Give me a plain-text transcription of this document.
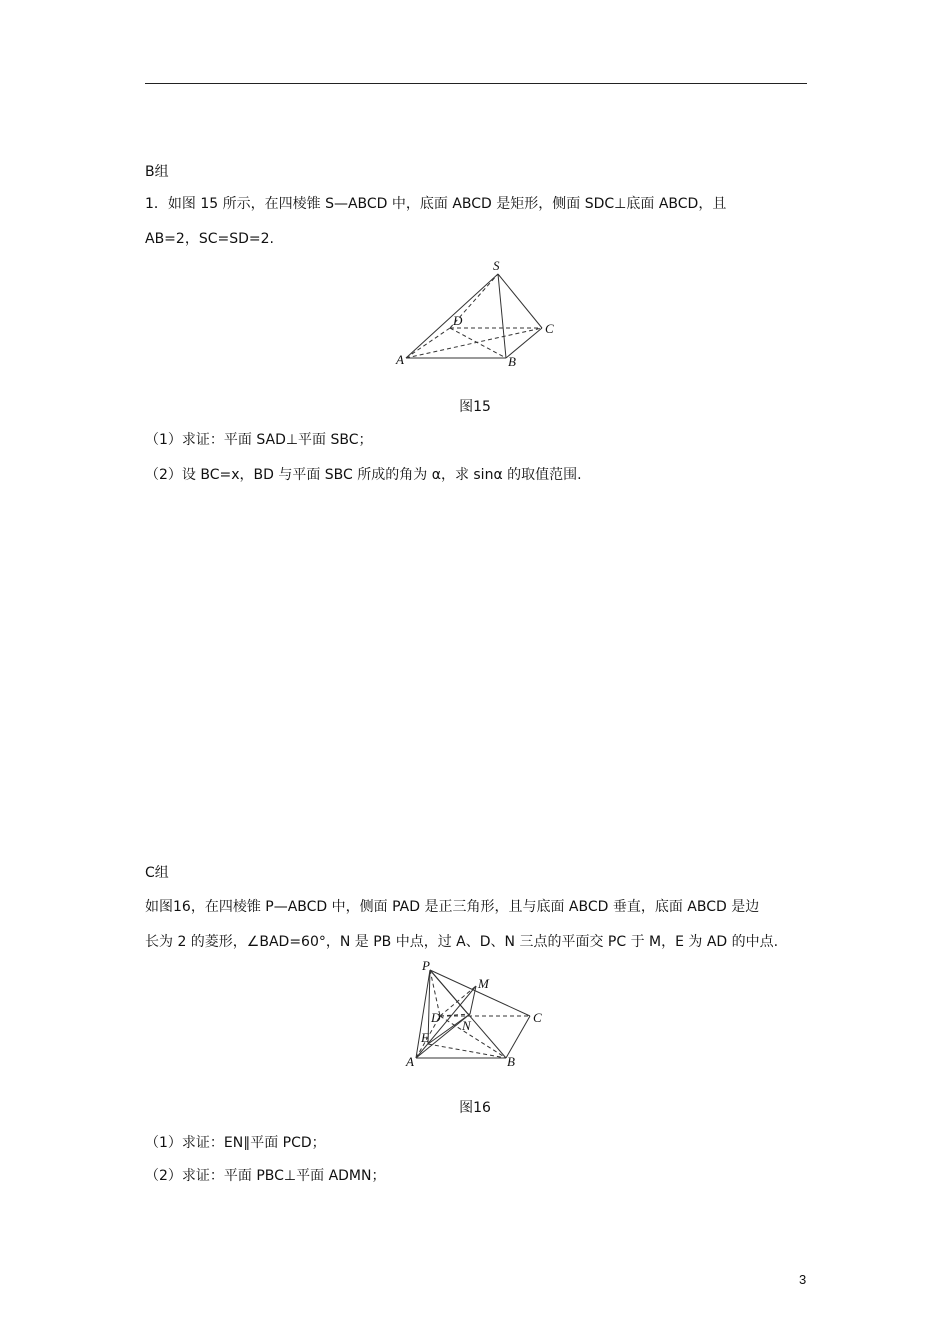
B组
1．如图 15 所示，在四棱锥 S—ABCD 中，底面 ABCD 是矩形，侧面 SDC⊥底面 ABCD，且
AB=2，SC=SD=2.
S
D
C
A	B
图15
（1）求证：平面 SAD⊥平面 SBC；
（2）设 BC=x，BD 与平面 SBC 所成的角为 α，求 sinα 的取值范围.
C组
如图16，在四棱锥 P—ABCD 中，侧面 PAD 是正三角形，且与底面 ABCD 垂直，底面 ABCD 是边
长为 2 的菱形，∠BAD=60°，N 是 PB 中点，过 A、D、N 三点的平面交 PC 于 M，E 为 AD 的中点.
P
M
D	C
N
E
A	B
图16
（1）求证：EN∥平面 PCD；
（2）求证：平面 PBC⊥平面 ADMN；
3
